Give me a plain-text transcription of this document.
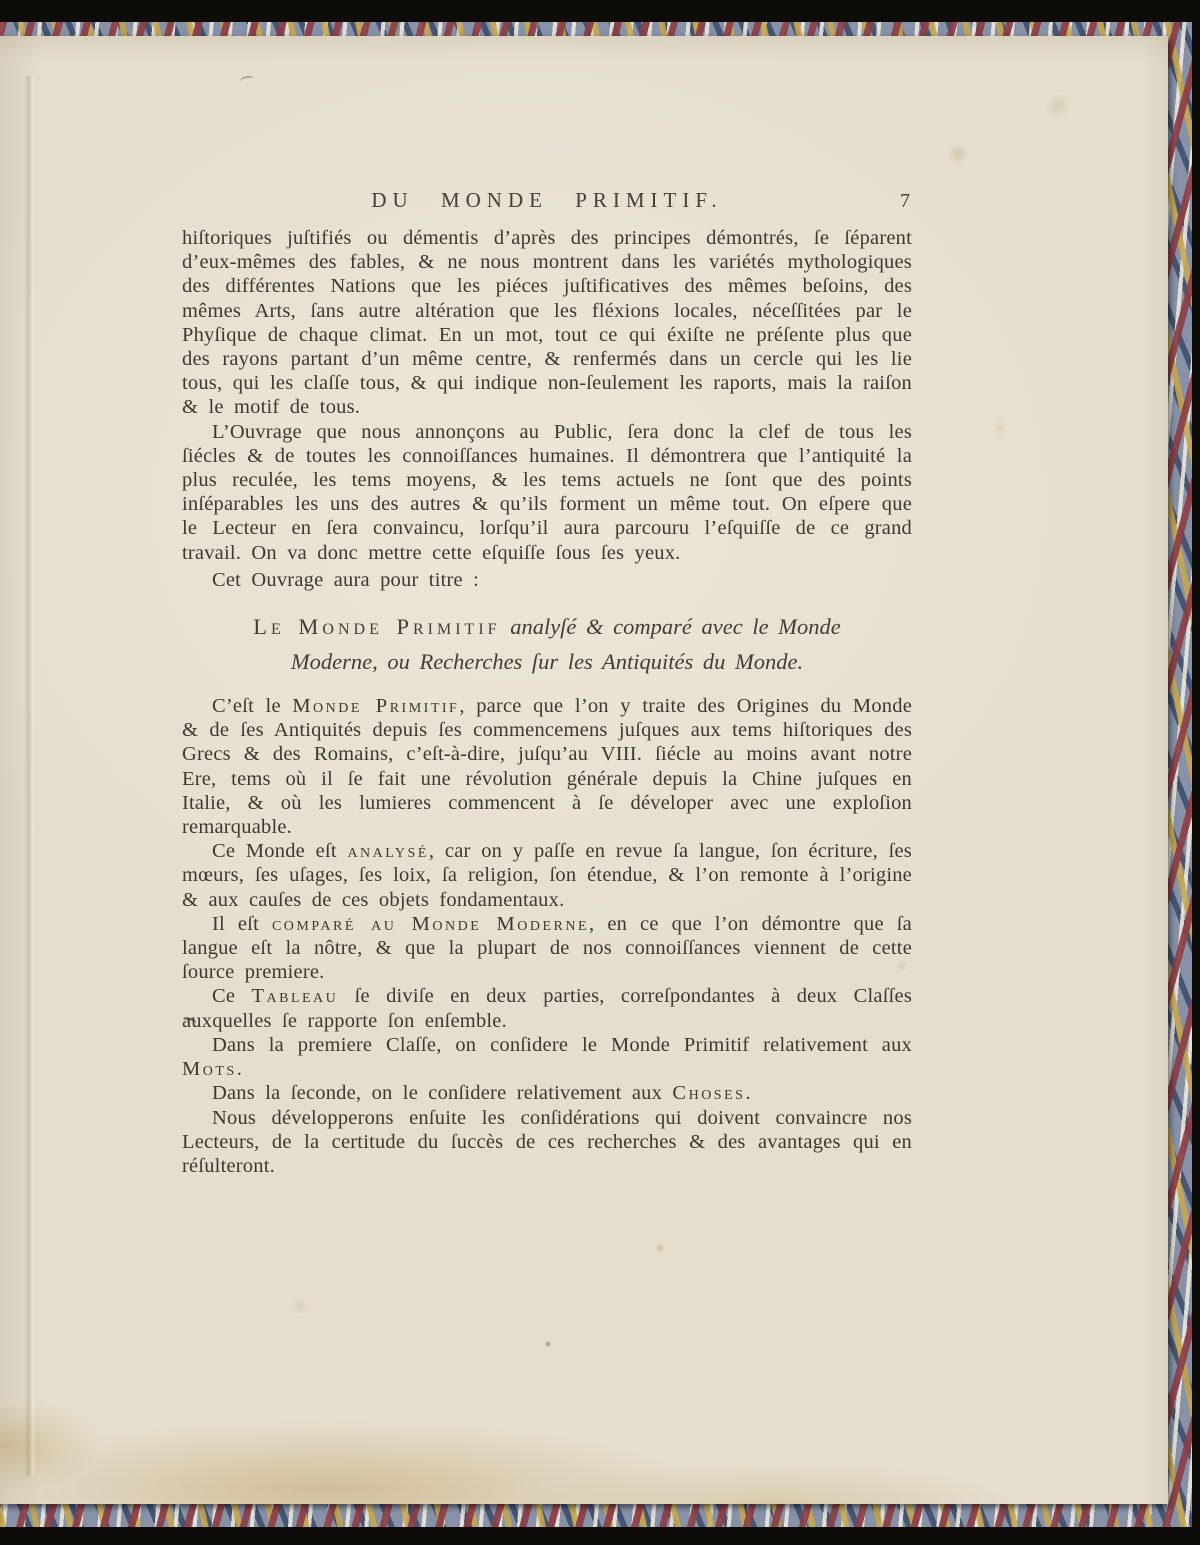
DU MONDE PRIMITIF.	7

hiſtoriques juſtifiés ou démentis d’après des principes démontrés, ſe ſéparent d’eux-mêmes des fables, & ne nous montrent dans les variétés mythologiques des différentes Nations que les piéces juſtificatives des mêmes beſoins, des mêmes Arts, ſans autre altération que les fléxions locales, néceſſitées par le Phyſique de chaque climat. En un mot, tout ce qui éxiſte ne préſente plus que des rayons partant d’un même centre, & renfermés dans un cercle qui les lie tous, qui les claſſe tous, & qui indique non-ſeulement les raports, mais la raiſon & le motif de tous.

L’Ouvrage que nous annonçons au Public, ſera donc la clef de tous les ſiécles & de toutes les connoiſſances humaines. Il démontrera que l’antiquité la plus reculée, les tems moyens, & les tems actuels ne ſont que des points inſéparables les uns des autres & qu’ils forment un même tout. On eſpere que le Lecteur en ſera convaincu, lorſqu’il aura parcouru l’eſquiſſe de ce grand travail. On va donc mettre cette eſquiſſe ſous ſes yeux.

Cet Ouvrage aura pour titre :

Le Monde Primitif analyſé & comparé avec le Monde
Moderne, ou Recherches ſur les Antiquités du Monde.

C’eſt le Monde Primitif, parce que l’on y traite des Origines du Monde & de ſes Antiquités depuis ſes commencemens juſques aux tems hiſtoriques des Grecs & des Romains, c’eſt-à-dire, juſqu’au VIII. ſiécle au moins avant notre Ere, tems où il ſe fait une révolution générale depuis la Chine juſques en Italie, & où les lumieres commencent à ſe déveloper avec une exploſion remarquable.

Ce Monde eſt analysé, car on y paſſe en revue ſa langue, ſon écriture, ſes mœurs, ſes uſages, ſes loix, ſa religion, ſon étendue, & l’on remonte à l’origine & aux cauſes de ces objets fondamentaux.

Il eſt comparé au Monde Moderne, en ce que l’on démontre que ſa langue eſt la nôtre, & que la plupart de nos connoiſſances viennent de cette ſource premiere.

Ce Tableau ſe diviſe en deux parties, correſpondantes à deux Claſſes auxquelles ſe rapporte ſon enſemble.

Dans la premiere Claſſe, on conſidere le Monde Primitif relativement aux Mots.

Dans la ſeconde, on le conſidere relativement aux Choses.

Nous développerons enſuite les conſidérations qui doivent convaincre nos Lecteurs, de la certitude du ſuccès de ces recherches & des avantages qui en réſulteront.
